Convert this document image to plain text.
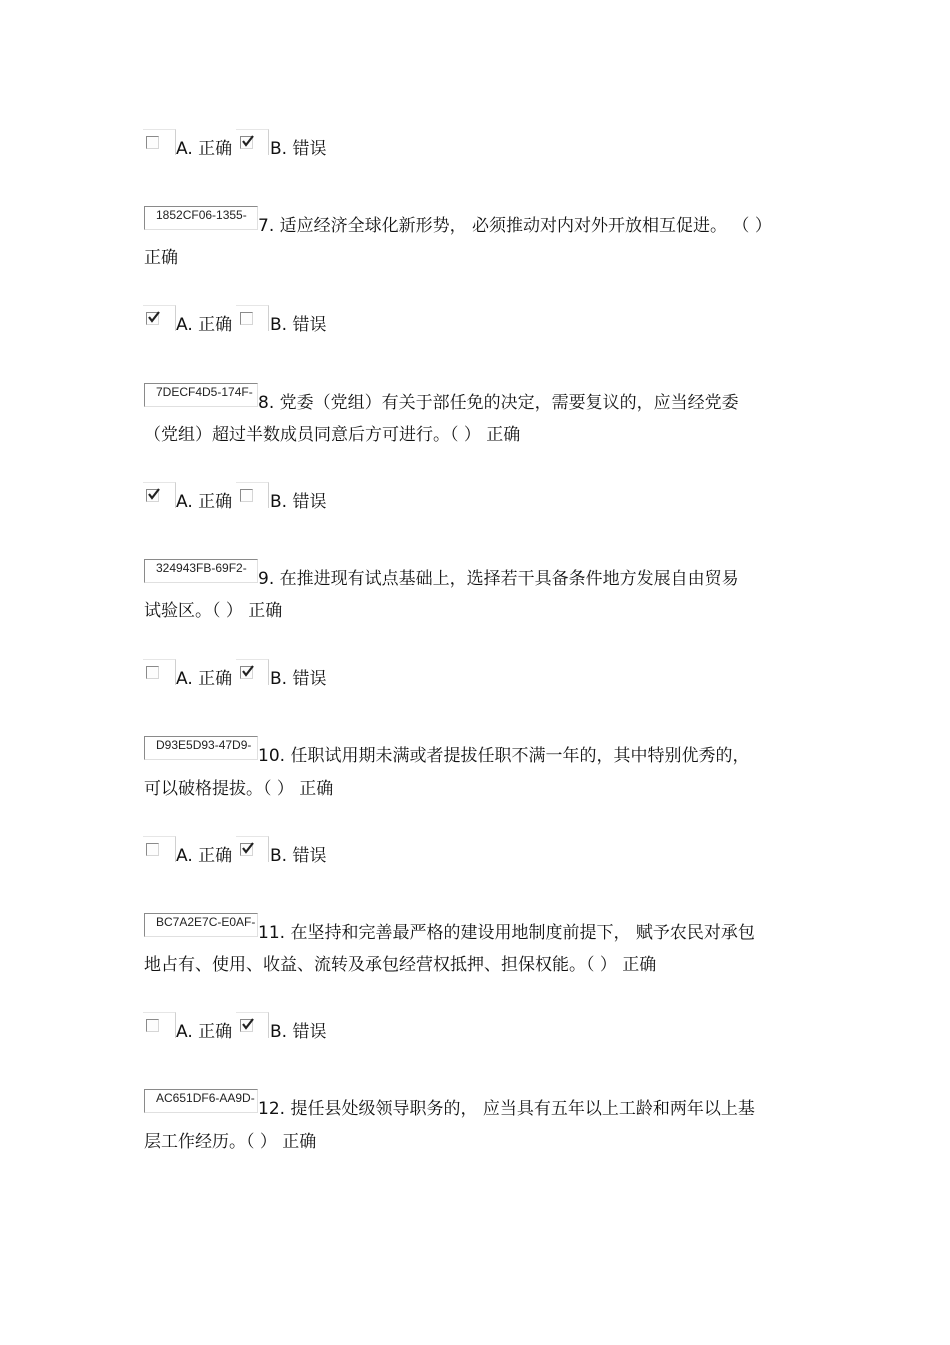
A. 正确 B. 错误
1852CF06-1355-
7. 适应经济全球化新形势， 必须推动对内对外开放相互促进。 （ ）
正确
A. 正确 B. 错误
7DECF4D5-174F-
8. 党委（党组）有关于部任免的决定，需要复议的，应当经党委
（党组）超过半数成员同意后方可进行。（ ） 正确
A. 正确 B. 错误
324943FB-69F2-
9. 在推进现有试点基础上，选择若干具备条件地方发展自由贸易
试验区。（ ） 正确
A. 正确 B. 错误
D93E5D93-47D9-
10. 任职试用期未满或者提拔任职不满一年的，其中特别优秀的，
可以破格提拔。（ ） 正确
A. 正确 B. 错误
BC7A2E7C-E0AF-
11. 在坚持和完善最严格的建设用地制度前提下， 赋予农民对承包
地占有、使用、收益、流转及承包经营权抵押、担保权能。（ ） 正确
A. 正确 B. 错误
AC651DF6-AA9D-
12. 提任县处级领导职务的， 应当具有五年以上工龄和两年以上基
层工作经历。（ ） 正确
